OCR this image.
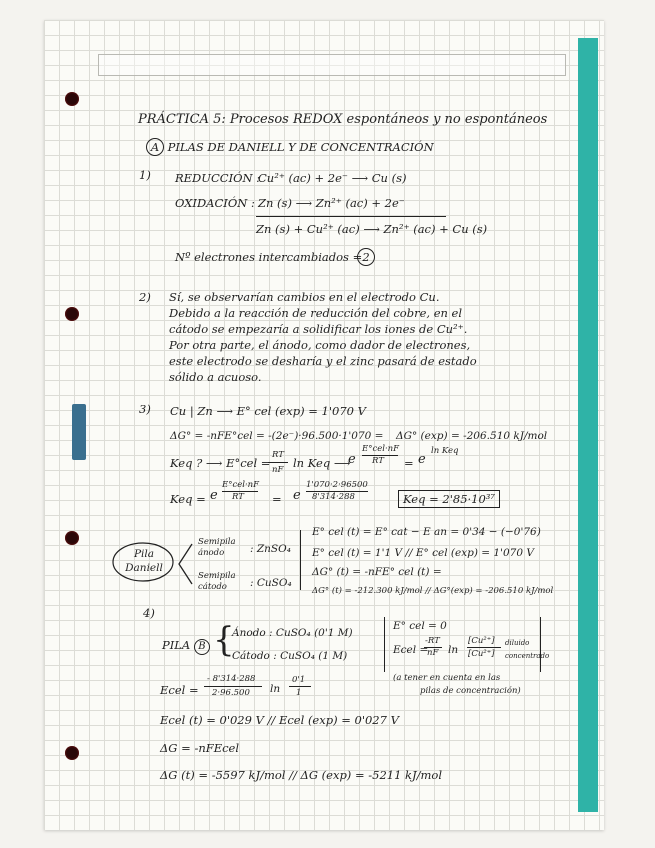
PRÁCTICA 5: Procesos REDOX espontáneos y no espontáneos
A PILAS DE DANIELL Y DE CONCENTRACIÓN
1) REDUCCIÓN :
Cu²⁺ (ac) + 2e⁻ ⟶ Cu (s)
OXIDACIÓN : Zn (s) ⟶ Zn²⁺ (ac) + 2e⁻
Zn (s) + Cu²⁺ (ac) ⟶ Zn²⁺ (ac) + Cu (s)
Nº electrones intercambiados = 2
2) Sí, se observarían cambios en el electrodo Cu.
Debido a la reacción de reducción del cobre, en el
cátodo se empezaría a solidificar los iones de Cu²⁺.
Por otra parte, el ánodo, como dador de electrones,
este electrodo se desharía y el zinc pasará de estado
sólido a acuoso.
3) Cu | Zn ⟶ E° cel (exp) = 1'070 V
ΔG° = -nFE°cel = -(2e⁻)·96.500·1'070 = ΔG° (exp) = -206.510 kJ/mol
Keq ? ⟶ E°cel =
RT
nF ln Keq ⟶
e
E°cel·nF
RT = e
ln Keq
Keq = e
E°cel·nF
RT = e
1'070·2·96500
8'314·288	Keq = 2'85·10³⁷
Pila Daniell
Semipila ánodo	: ZnSO₄
Semipila cátodo	: CuSO₄
E° cel (t) = E° cat − E an = 0'34 − (−0'76)
E° cel (t) = 1'1 V // E° cel (exp) = 1'070 V
ΔG° (t) = -nFE° cel (t) =
ΔG° (t) = -212.300 kJ/mol // ΔG°(exp) = -206.510 kJ/mol
4)
PILA B {
Ánodo : CuSO₄ (0'1 M)
Cátodo : CuSO₄ (1 M)
E° cel = 0
Ecel =
-RT
nF ln
[Cu²⁺]
[Cu²⁺]
diluido
concentrado
(a tener en cuenta en las
pilas de concentración)
Ecel =
- 8'314·288
2·96.500 ln
0'1
1
Ecel (t) = 0'029 V // Ecel (exp) = 0'027 V
ΔG = -nFEcel
ΔG (t) = -5597 kJ/mol // ΔG (exp) = -5211 kJ/mol
